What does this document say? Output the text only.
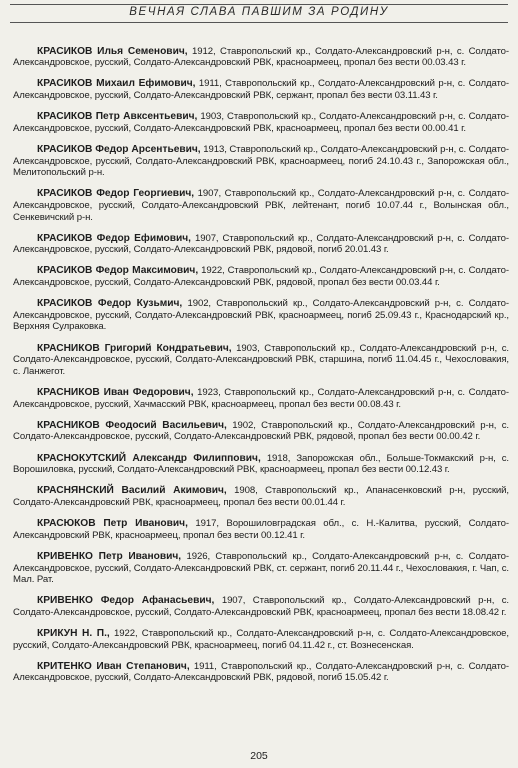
ВЕЧНАЯ СЛАВА ПАВШИМ ЗА РОДИНУ

КРАСИКОВ Илья Семенович, 1912, Ставропольский кр., Солдато-Александровский р-н, с. Солдато-Александровское, русский, Солдато-Александровский РВК, красноармеец, пропал без вести 00.03.43 г.

КРАСИКОВ Михаил Ефимович, 1911, Ставропольский кр., Солдато-Александровский р-н, с. Солдато-Александровское, русский, Солдато-Александровский РВК, сержант, пропал без вести 03.11.43 г.

КРАСИКОВ Петр Авксентьевич, 1903, Ставропольский кр., Солдато-Александровский р-н, с. Солдато-Александровское, русский, Солдато-Александровский РВК, красноармеец, пропал без вести 00.00.41 г.

КРАСИКОВ Федор Арсентьевич, 1913, Ставропольский кр., Солдато-Александровский р-н, с. Солдато-Александровское, русский, Солдато-Александровский РВК, красноармеец, погиб 24.10.43 г., Запорожская обл., Мелитопольский р-н.

КРАСИКОВ Федор Георгиевич, 1907, Ставропольский кр., Солдато-Александровский р-н, с. Солдато-Александровское, русский, Солдато-Александровский РВК, лейтенант, погиб 10.07.44 г., Волынская обл., Сенкевичский р-н.

КРАСИКОВ Федор Ефимович, 1907, Ставропольский кр., Солдато-Александровский р-н, с. Солдато-Александровское, русский, Солдато-Александровский РВК, рядовой, погиб 20.01.43 г.

КРАСИКОВ Федор Максимович, 1922, Ставропольский кр., Солдато-Александровский р-н, с. Солдато-Александровское, русский, Солдато-Александровский РВК, рядовой, пропал без вести 00.03.44 г.

КРАСИКОВ Федор Кузьмич, 1902, Ставропольский кр., Солдато-Александровский р-н, с. Солдато-Александровское, русский, Солдато-Александровский РВК, красноармеец, погиб 25.09.43 г., Краснодарский кр., Верхняя Сулраковка.

КРАСНИКОВ Григорий Кондратьевич, 1903, Ставропольский кр., Солдато-Александровский р-н, с. Солдато-Александровское, русский, Солдато-Александровский РВК, старшина, погиб 11.04.45 г., Чехословакия, с. Ланжегот.

КРАСНИКОВ Иван Федорович, 1923, Ставропольский кр., Солдато-Александровский р-н, с. Солдато-Александровское, русский, Хачмасский РВК, красноармеец, пропал без вести 00.08.43 г.

КРАСНИКОВ Феодосий Васильевич, 1902, Ставропольский кр., Солдато-Александровский р-н, с. Солдато-Александровское, русский, Солдато-Александровский РВК, рядовой, пропал без вести 00.00.42 г.

КРАСНОКУТСКИЙ Александр Филиппович, 1918, Запорожская обл., Больше-Токмакский р-н, с. Ворошиловка, русский, Солдато-Александровский РВК, красноармеец, пропал без вести 00.12.43 г.

КРАСНЯНСКИЙ Василий Акимович, 1908, Ставропольский кр., Апанасенковский р-н, русский, Солдато-Александровский РВК, красноармеец, пропал без вести 00.01.44 г.

КРАСЮКОВ Петр Иванович, 1917, Ворошиловградская обл., с. Н.-Калитва, русский, Солдато-Александровский РВК, красноармеец, пропал без вести 00.12.41 г.

КРИВЕНКО Петр Иванович, 1926, Ставропольский кр., Солдато-Александровский р-н, с. Солдато-Александровское, русский, Солдато-Александровский РВК, ст. сержант, погиб 20.11.44 г., Чехословакия, г. Чап, с. Мал. Рат.

КРИВЕНКО Федор Афанасьевич, 1907, Ставропольский кр., Солдато-Александровский р-н, с. Солдато-Александровское, русский, Солдато-Александровский РВК, красноармеец, пропал без вести 18.08.42 г.

КРИКУН Н. П., 1922, Ставропольский кр., Солдато-Александровский р-н, с. Солдато-Александровское, русский, Солдато-Александровский РВК, красноармеец, погиб 04.11.42 г., ст. Вознесенская.

КРИТЕНКО Иван Степанович, 1911, Ставропольский кр., Солдато-Александровский р-н, с. Солдато-Александровское, русский, Солдато-Александровский РВК, рядовой, погиб 15.05.42 г.

205
